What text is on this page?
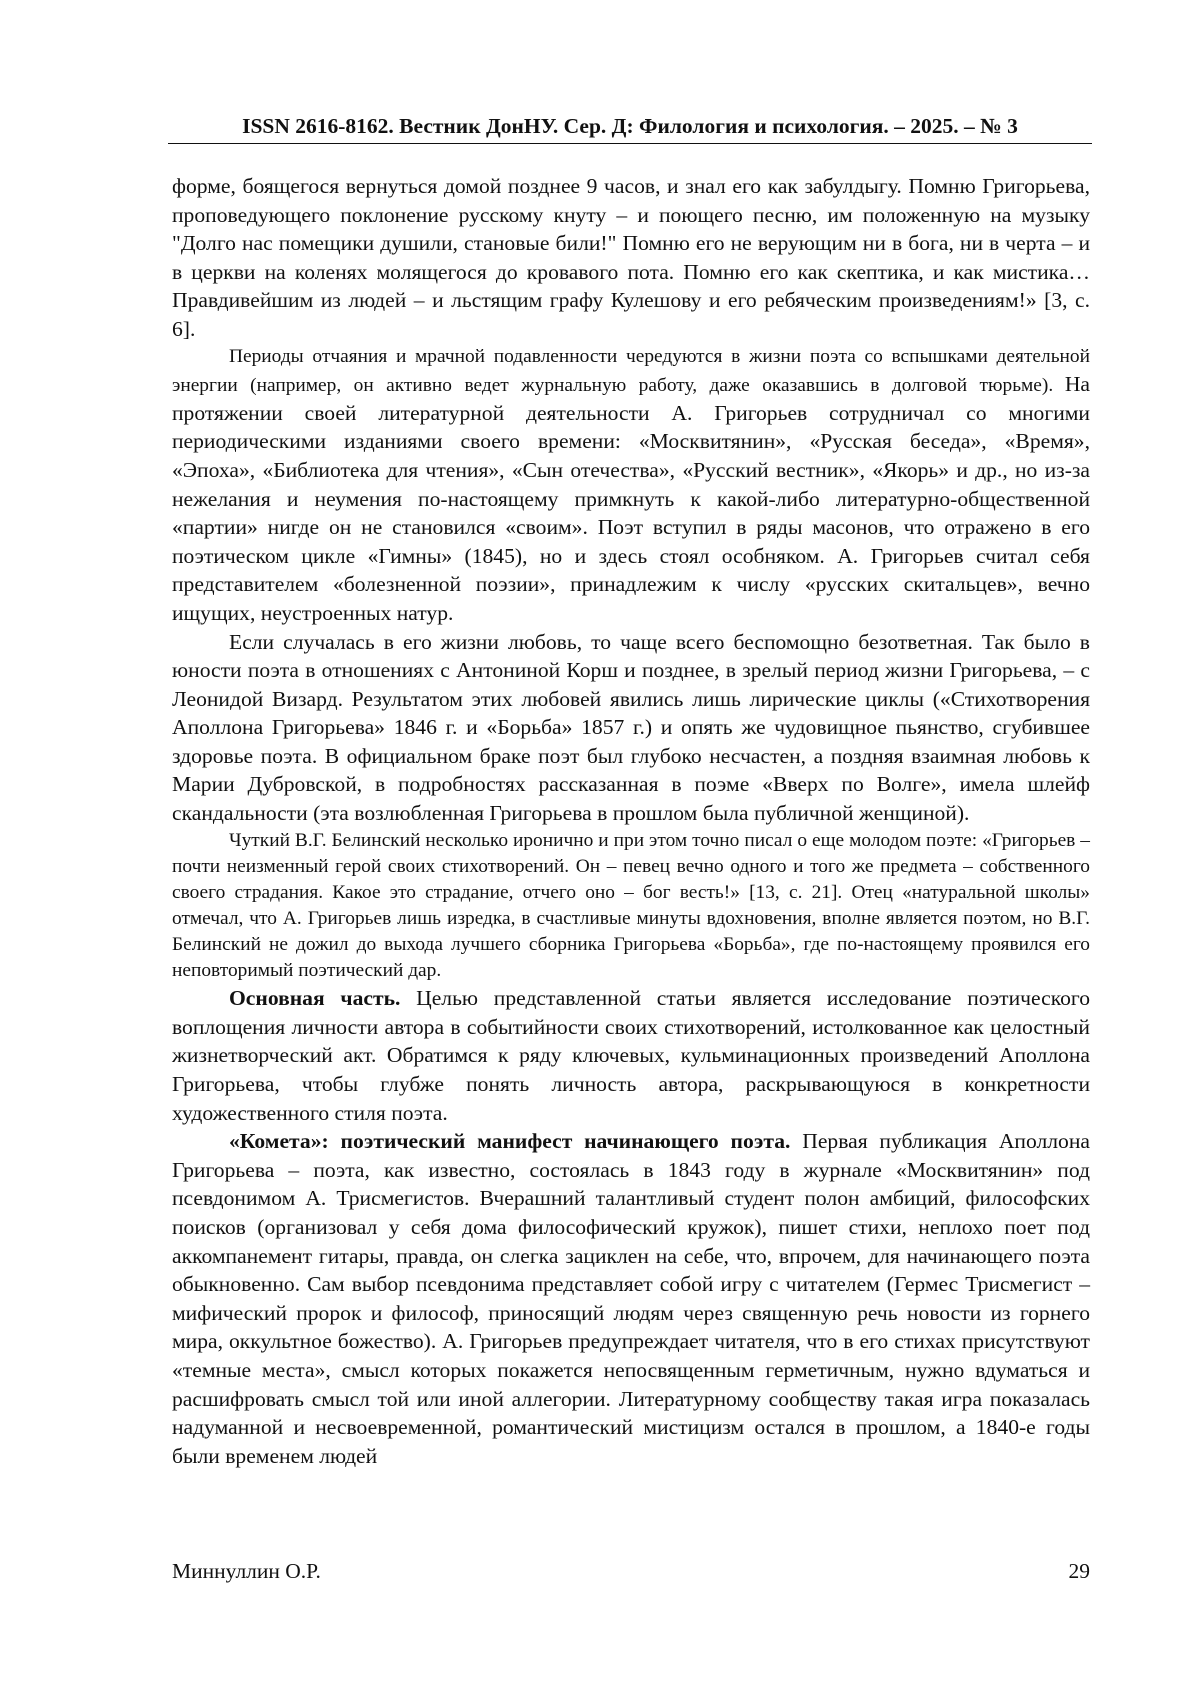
ISSN 2616-8162. Вестник ДонНУ. Сер. Д: Филология и психология. – 2025. – № 3

форме, боящегося вернуться домой позднее 9 часов, и знал его как забулдыгу. Помню Григорьева, проповедующего поклонение русскому кнуту – и поющего песню, им положенную на музыку "Долго нас помещики душили, становые били!" Помню его не верующим ни в бога, ни в черта – и в церкви на коленях молящегося до кровавого пота. Помню его как скептика, и как мистика… Правдивейшим из людей – и льстящим графу Кулешову и его ребяческим произведениям!» [3, с. 6].

Периоды отчаяния и мрачной подавленности чередуются в жизни поэта со вспышками деятельной энергии (например, он активно ведет журнальную работу, даже оказавшись в долговой тюрьме). На протяжении своей литературной деятельности А. Григорьев сотрудничал со многими периодическими изданиями своего времени: «Москвитянин», «Русская беседа», «Время», «Эпоха», «Библиотека для чтения», «Сын отечества», «Русский вестник», «Якорь» и др., но из-за нежелания и неумения по-настоящему примкнуть к какой-либо литературно-общественной «партии» нигде он не становился «своим». Поэт вступил в ряды масонов, что отражено в его поэтическом цикле «Гимны» (1845), но и здесь стоял особняком. А. Григорьев считал себя представителем «болезненной поэзии», принадлежим к числу «русских скитальцев», вечно ищущих, неустроенных натур.

Если случалась в его жизни любовь, то чаще всего беспомощно безответная. Так было в юности поэта в отношениях с Антониной Корш и позднее, в зрелый период жизни Григорьева, – с Леонидой Визард. Результатом этих любовей явились лишь лирические циклы («Стихотворения Аполлона Григорьева» 1846 г. и «Борьба» 1857 г.) и опять же чудовищное пьянство, сгубившее здоровье поэта. В официальном браке поэт был глубоко несчастен, а поздняя взаимная любовь к Марии Дубровской, в подробностях рассказанная в поэме «Вверх по Волге», имела шлейф скандальности (эта возлюбленная Григорьева в прошлом была публичной женщиной).

Чуткий В.Г. Белинский несколько иронично и при этом точно писал о еще молодом поэте: «Григорьев – почти неизменный герой своих стихотворений. Он – певец вечно одного и того же предмета – собственного своего страдания. Какое это страдание, отчего оно – бог весть!» [13, с. 21]. Отец «натуральной школы» отмечал, что А. Григорьев лишь изредка, в счастливые минуты вдохновения, вполне является поэтом, но В.Г. Белинский не дожил до выхода лучшего сборника Григорьева «Борьба», где по-настоящему проявился его неповторимый поэтический дар.

Основная часть. Целью представленной статьи является исследование поэтического воплощения личности автора в событийности своих стихотворений, истолкованное как целостный жизнетворческий акт. Обратимся к ряду ключевых, кульминационных произведений Аполлона Григорьева, чтобы глубже понять личность автора, раскрывающуюся в конкретности художественного стиля поэта.

«Комета»: поэтический манифест начинающего поэта. Первая публикация Аполлона Григорьева – поэта, как известно, состоялась в 1843 году в журнале «Москвитянин» под псевдонимом А. Трисмегистов. Вчерашний талантливый студент полон амбиций, философских поисков (организовал у себя дома философический кружок), пишет стихи, неплохо поет под аккомпанемент гитары, правда, он слегка зациклен на себе, что, впрочем, для начинающего поэта обыкновенно. Сам выбор псевдонима представляет собой игру с читателем (Гермес Трисмегист – мифический пророк и философ, приносящий людям через священную речь новости из горнего мира, оккультное божество). А. Григорьев предупреждает читателя, что в его стихах присутствуют «темные места», смысл которых покажется непосвященным герметичным, нужно вдуматься и расшифровать смысл той или иной аллегории. Литературному сообществу такая игра показалась надуманной и несвоевременной, романтический мистицизм остался в прошлом, а 1840-е годы были временем людей

Миннуллин О.Р.	29
